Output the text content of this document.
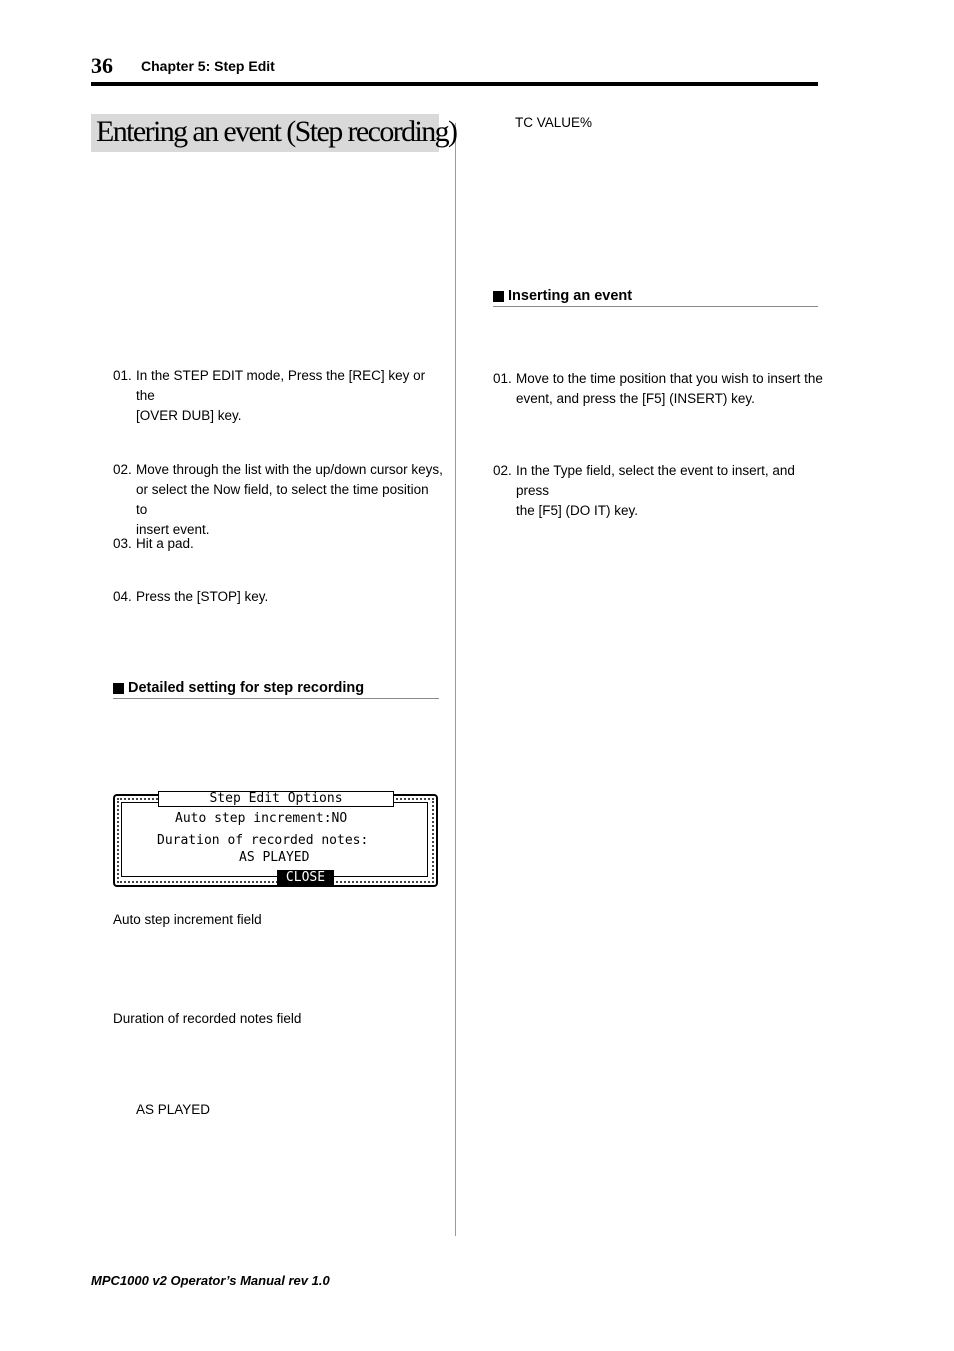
36 Chapter 5: Step Edit
Entering an event (Step recording)
01. In the STEP EDIT mode, Press the [REC] key or the
[OVER DUB] key.
02. Move through the list with the up/down cursor keys,
or select the Now field, to select the time position to
insert event.
03. Hit a pad.
04. Press the [STOP] key.
Detailed setting for step recording
Step Edit Options
Auto step increment:NO
Duration of recorded notes:
AS PLAYED
CLOSE
Auto step increment field
Duration of recorded notes field
AS PLAYED
TC VALUE%
Inserting an event
01. Move to the time position that you wish to insert the
event, and press the [F5] (INSERT) key.
02. In the Type field, select the event to insert, and press
the [F5] (DO IT) key.
MPC1000 v2 Operator’s Manual rev 1.0
